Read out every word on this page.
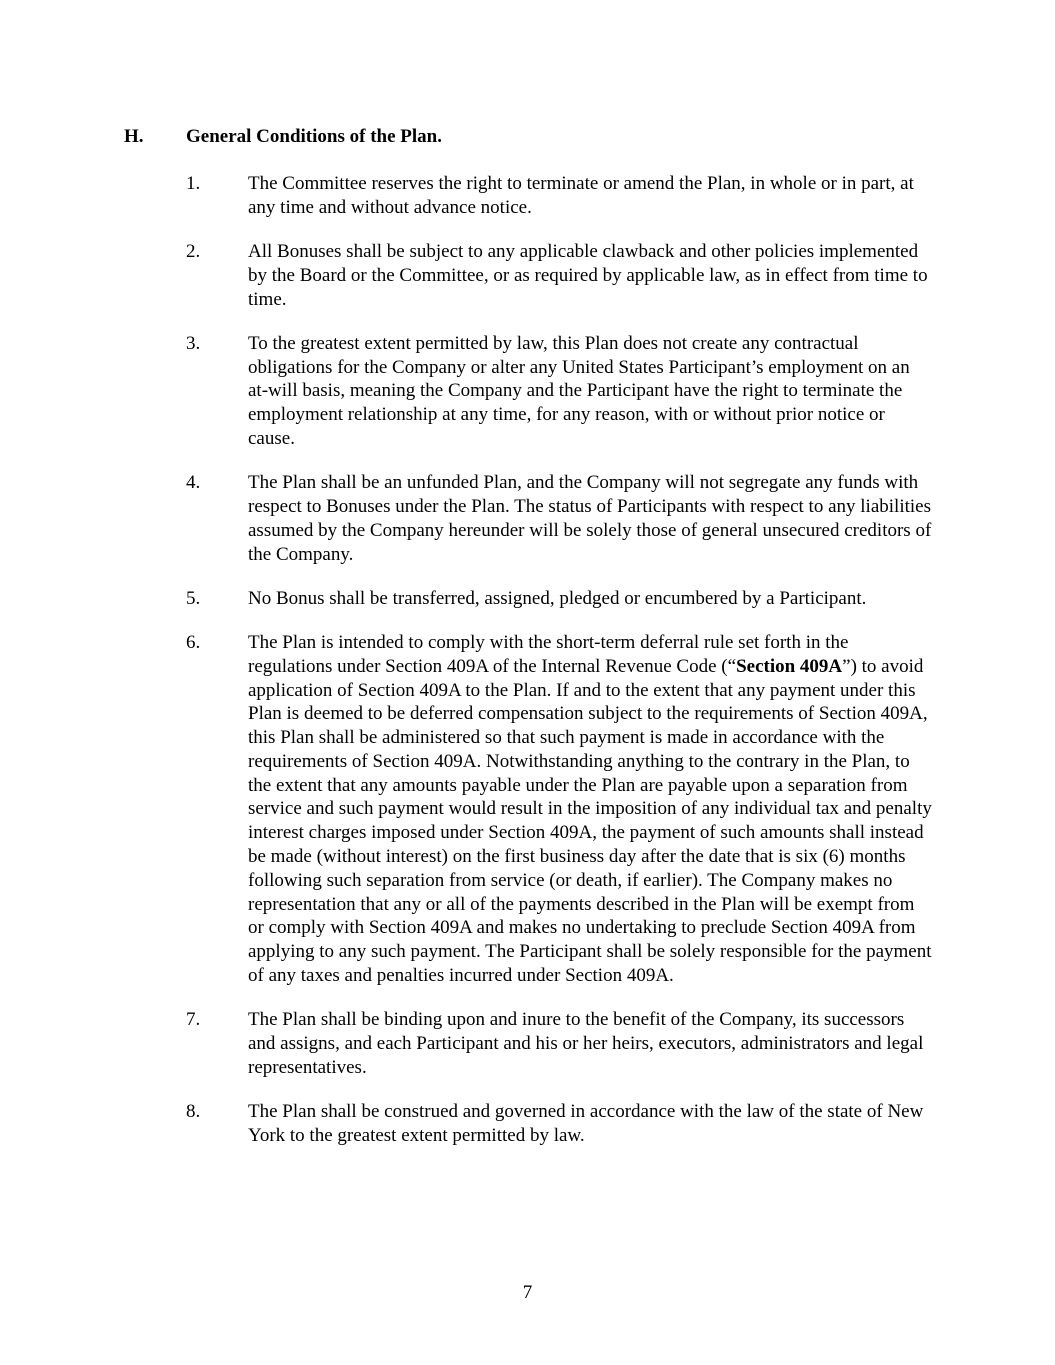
H. General Conditions of the Plan.
1.	The Committee reserves the right to terminate or amend the Plan, in whole or in part, at any time and without advance notice.
2.	All Bonuses shall be subject to any applicable clawback and other policies implemented by the Board or the Committee, or as required by applicable law, as in effect from time to time.
3.	To the greatest extent permitted by law, this Plan does not create any contractual obligations for the Company or alter any United States Participant’s employment on an at-will basis, meaning the Company and the Participant have the right to terminate the employment relationship at any time, for any reason, with or without prior notice or cause.
4.	The Plan shall be an unfunded Plan, and the Company will not segregate any funds with respect to Bonuses under the Plan. The status of Participants with respect to any liabilities assumed by the Company hereunder will be solely those of general unsecured creditors of the Company.
5.	No Bonus shall be transferred, assigned, pledged or encumbered by a Participant.
6.	The Plan is intended to comply with the short-term deferral rule set forth in the regulations under Section 409A of the Internal Revenue Code (“Section 409A”) to avoid application of Section 409A to the Plan. If and to the extent that any payment under this Plan is deemed to be deferred compensation subject to the requirements of Section 409A, this Plan shall be administered so that such payment is made in accordance with the requirements of Section 409A. Notwithstanding anything to the contrary in the Plan, to the extent that any amounts payable under the Plan are payable upon a separation from service and such payment would result in the imposition of any individual tax and penalty interest charges imposed under Section 409A, the payment of such amounts shall instead be made (without interest) on the first business day after the date that is six (6) months following such separation from service (or death, if earlier). The Company makes no representation that any or all of the payments described in the Plan will be exempt from or comply with Section 409A and makes no undertaking to preclude Section 409A from applying to any such payment. The Participant shall be solely responsible for the payment of any taxes and penalties incurred under Section 409A.
7.	The Plan shall be binding upon and inure to the benefit of the Company, its successors and assigns, and each Participant and his or her heirs, executors, administrators and legal representatives.
8.	The Plan shall be construed and governed in accordance with the law of the state of New York to the greatest extent permitted by law.
7
